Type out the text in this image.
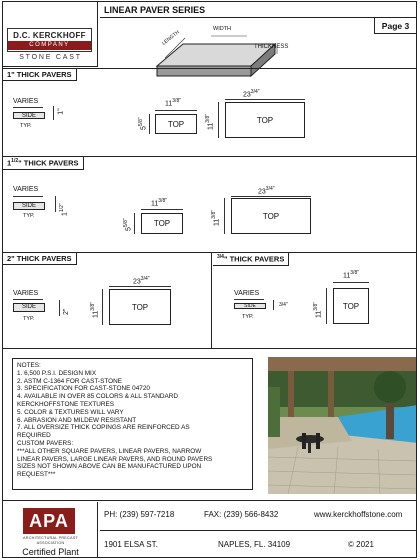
D.C. KERCKHOFF
COMPANY
STONE CAST
LINEAR PAVER SERIES
Page 3
WIDTH
LENGTH
THICKNESS
1" THICK PAVERS
VARIES
SIDE
TYP.
1"
$11^{3/8"}$
TOP
$5^{5/8"}$
$23^{3/4"}$
TOP
$11^{3/8"}$
$1^{1/2}$" THICK PAVERS
VARIES
SIDE
TYP.	$1^{1/2"}$	$11^{3/8"}$
TOP
$5^{5/8"}$
$23^{3/4"}$
TOP
$11^{3/8"}$
2" THICK PAVERS
VARIES
SIDE
TYP.
2"
$23^{3/4"}$
TOP
$11^{3/8"}$
$^{3/4}$" THICK PAVERS
VARIES
SIDE
TYP.
$^{3/4"}$
$11^{3/8"}$
TOP
$11^{3/8"}$
NOTES:
1. 6,500 P.S.I. DESIGN MIX
2. ASTM C-1364 FOR CAST-STONE
3. SPECIFICATION FOR CAST-STONE 04720
4. AVAILABLE IN OVER 85 COLORS & ALL STANDARD
KERCKHOFFSTONE TEXTURES
5. COLOR & TEXTURES WILL VARY
6. ABRASION AND MILDEW RESISTANT
7. ALL OVERSIZE THICK COPINGS ARE REINFORCED AS
REQUIRED
CUSTOM PAVERS:
***ALL OTHER SQUARE PAVERS, LINEAR PAVERS, NARROW
LINEAR PAVERS, LARGE LINEAR PAVERS, AND ROUND PAVERS
SIZES NOT SHOWN ABOVE CAN BE MANUFACTURED UPON
REQUEST***
APA
ARCHITECTURAL PRECAST
ASSOCIATION
Certified Plant
PH: (239) 597-7218	FAX: (239) 566-8432	www.kerckhoffstone.com
1901 ELSA ST.	NAPLES, FL. 34109	© 2021
